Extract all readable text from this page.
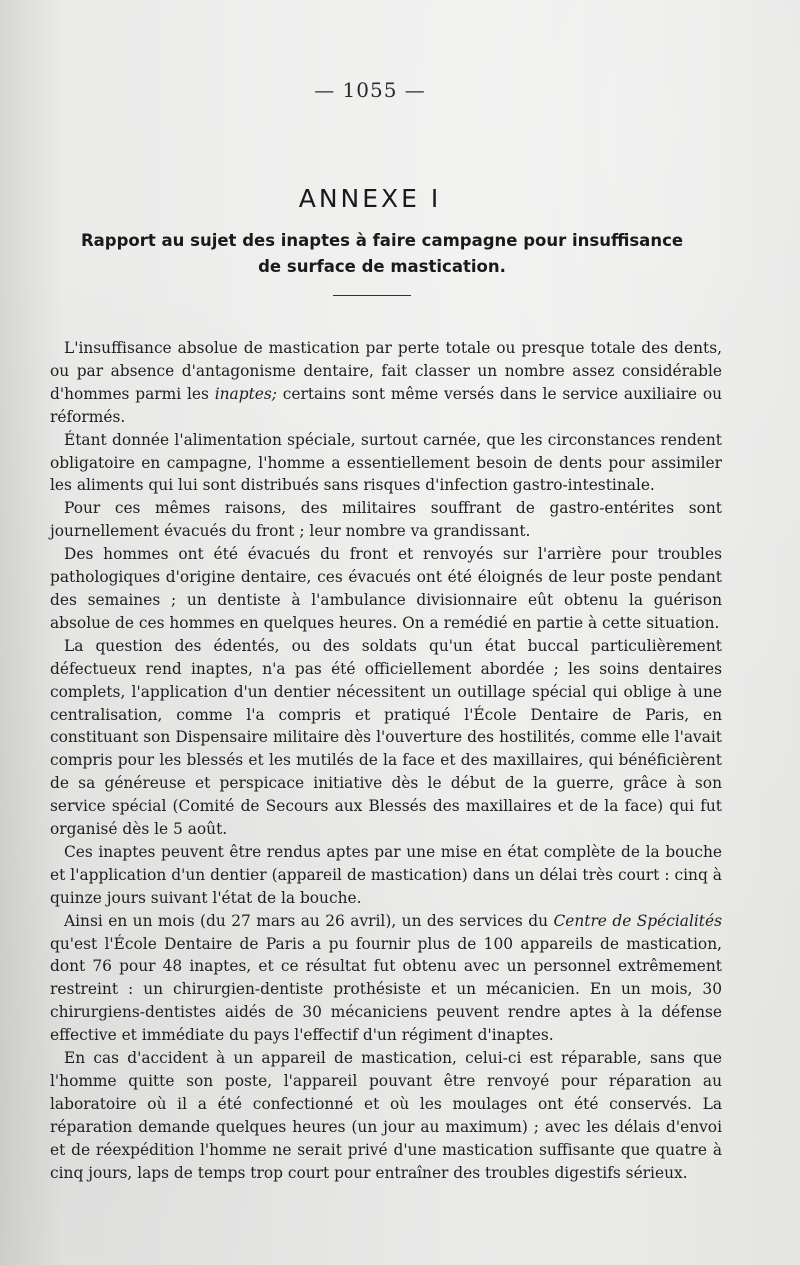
— 1055 —
ANNEXE I
Rapport au sujet des inaptes à faire campagne pour insuffisance
de surface de mastication.

L'insuffisance absolue de mastication par perte totale ou presque totale des dents, ou par absence d'antagonisme dentaire, fait classer un nombre assez considérable d'hommes parmi les inaptes; certains sont même versés dans le service auxiliaire ou réformés.

Étant donnée l'alimentation spéciale, surtout carnée, que les circonstances rendent obligatoire en campagne, l'homme a essentiellement besoin de dents pour assimiler les aliments qui lui sont distribués sans risques d'infection gastro-intestinale.

Pour ces mêmes raisons, des militaires souffrant de gastro-entérites sont journellement évacués du front ; leur nombre va grandissant.

Des hommes ont été évacués du front et renvoyés sur l'arrière pour troubles pathologiques d'origine dentaire, ces évacués ont été éloignés de leur poste pendant des semaines ; un dentiste à l'ambulance divisionnaire eût obtenu la guérison absolue de ces hommes en quelques heures. On a remédié en partie à cette situation.

La question des édentés, ou des soldats qu'un état buccal particulièrement défectueux rend inaptes, n'a pas été officiellement abordée ; les soins dentaires complets, l'application d'un dentier nécessitent un outillage spécial qui oblige à une centralisation, comme l'a compris et pratiqué l'École Dentaire de Paris, en constituant son Dispensaire militaire dès l'ouverture des hostilités, comme elle l'avait compris pour les blessés et les mutilés de la face et des maxillaires, qui bénéficièrent de sa généreuse et perspicace initiative dès le début de la guerre, grâce à son service spécial (Comité de Secours aux Blessés des maxillaires et de la face) qui fut organisé dès le 5 août.

Ces inaptes peuvent être rendus aptes par une mise en état complète de la bouche et l'application d'un dentier (appareil de mastication) dans un délai très court : cinq à quinze jours suivant l'état de la bouche.

Ainsi en un mois (du 27 mars au 26 avril), un des services du Centre de Spécialités qu'est l'École Dentaire de Paris a pu fournir plus de 100 appareils de mastication, dont 76 pour 48 inaptes, et ce résultat fut obtenu avec un personnel extrêmement restreint : un chirurgien-dentiste prothésiste et un mécanicien. En un mois, 30 chirurgiens-dentistes aidés de 30 mécaniciens peuvent rendre aptes à la défense effective et immédiate du pays l'effectif d'un régiment d'inaptes.

En cas d'accident à un appareil de mastication, celui-ci est réparable, sans que l'homme quitte son poste, l'appareil pouvant être renvoyé pour réparation au laboratoire où il a été confectionné et où les moulages ont été conservés. La réparation demande quelques heures (un jour au maximum) ; avec les délais d'envoi et de réexpédition l'homme ne serait privé d'une mastication suffisante que quatre à cinq jours, laps de temps trop court pour entraîner des troubles digestifs sérieux.
